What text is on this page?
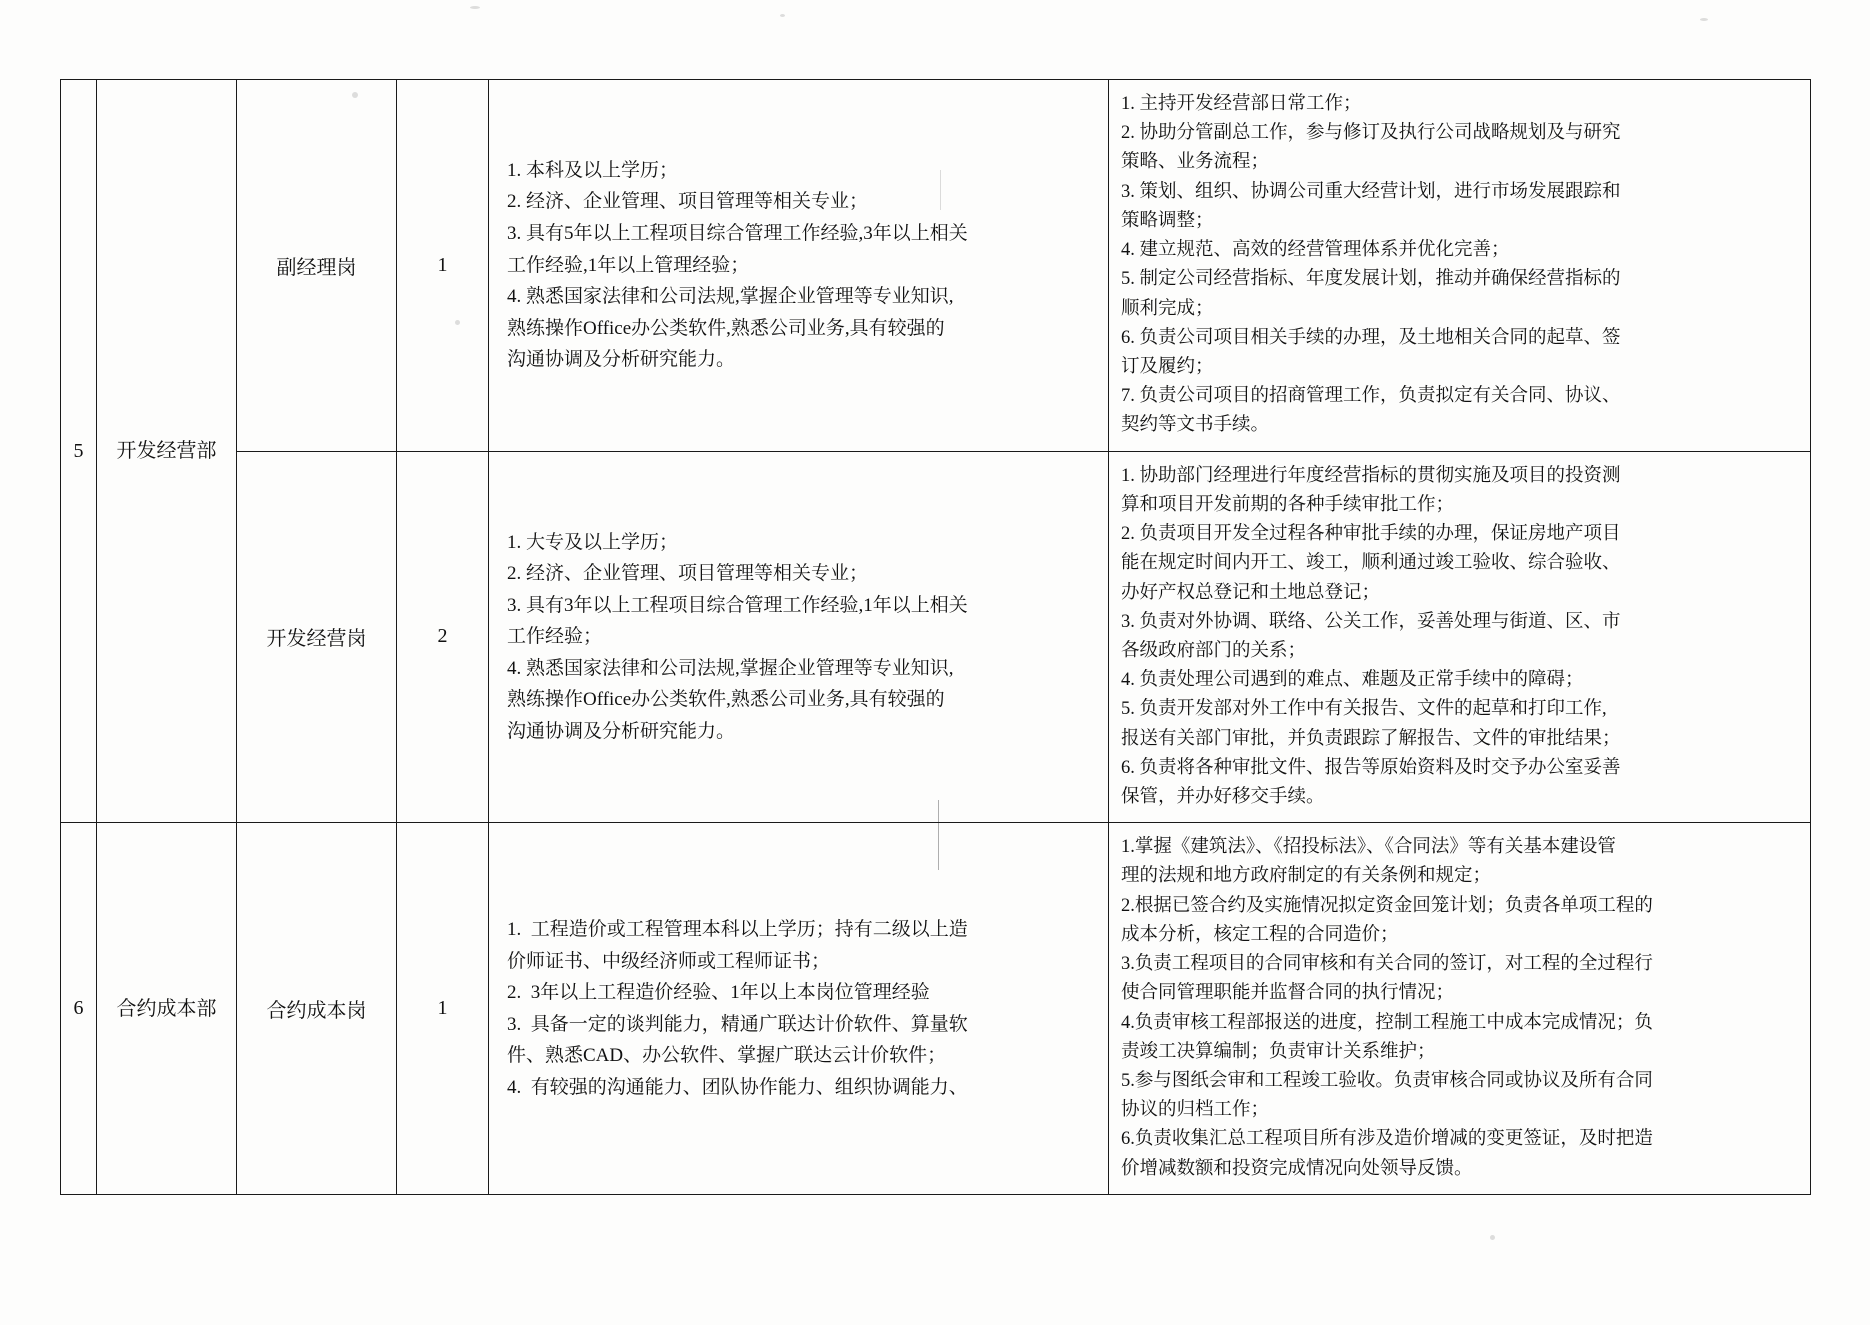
5	开发经营部	副经理岗	1	
1. 本科及以上学历；
2. 经济、企业管理、项目管理等相关专业；
3. 具有5年以上工程项目综合管理工作经验,3年以上相关
工作经验,1年以上管理经验；
4. 熟悉国家法律和公司法规,掌握企业管理等专业知识,
熟练操作Office办公类软件,熟悉公司业务,具有较强的
沟通协调及分析研究能力。

1. 主持开发经营部日常工作；
2. 协助分管副总工作，参与修订及执行公司战略规划及与研究
策略、业务流程；
3. 策划、组织、协调公司重大经营计划，进行市场发展跟踪和
策略调整；
4. 建立规范、高效的经营管理体系并优化完善；
5. 制定公司经营指标、年度发展计划，推动并确保经营指标的
顺利完成；
6. 负责公司项目相关手续的办理，及土地相关合同的起草、签
订及履约；
7. 负责公司项目的招商管理工作，负责拟定有关合同、协议、
契约等文书手续。

开发经营岗	2	
1. 大专及以上学历；
2. 经济、企业管理、项目管理等相关专业；
3. 具有3年以上工程项目综合管理工作经验,1年以上相关
工作经验；
4. 熟悉国家法律和公司法规,掌握企业管理等专业知识,
熟练操作Office办公类软件,熟悉公司业务,具有较强的
沟通协调及分析研究能力。

1. 协助部门经理进行年度经营指标的贯彻实施及项目的投资测
算和项目开发前期的各种手续审批工作；
2. 负责项目开发全过程各种审批手续的办理，保证房地产项目
能在规定时间内开工、竣工，顺利通过竣工验收、综合验收、
办好产权总登记和土地总登记；
3. 负责对外协调、联络、公关工作，妥善处理与街道、区、市
各级政府部门的关系；
4. 负责处理公司遇到的难点、难题及正常手续中的障碍；
5. 负责开发部对外工作中有关报告、文件的起草和打印工作,
报送有关部门审批，并负责跟踪了解报告、文件的审批结果；
6. 负责将各种审批文件、报告等原始资料及时交予办公室妥善
保管，并办好移交手续。

6	合约成本部	合约成本岗	1	
1.  工程造价或工程管理本科以上学历；持有二级以上造
价师证书、中级经济师或工程师证书；
2.  3年以上工程造价经验、1年以上本岗位管理经验
3.  具备一定的谈判能力，精通广联达计价软件、算量软
件、熟悉CAD、办公软件、掌握广联达云计价软件；
4.  有较强的沟通能力、团队协作能力、组织协调能力、

1.掌握《建筑法》、《招投标法》、《合同法》等有关基本建设管
理的法规和地方政府制定的有关条例和规定；
2.根据已签合约及实施情况拟定资金回笼计划；负责各单项工程的
成本分析，核定工程的合同造价；
3.负责工程项目的合同审核和有关合同的签订，对工程的全过程行
使合同管理职能并监督合同的执行情况；
4.负责审核工程部报送的进度，控制工程施工中成本完成情况；负
责竣工决算编制；负责审计关系维护；
5.参与图纸会审和工程竣工验收。负责审核合同或协议及所有合同
协议的归档工作；
6.负责收集汇总工程项目所有涉及造价增减的变更签证，及时把造
价增减数额和投资完成情况向处领导反馈。
